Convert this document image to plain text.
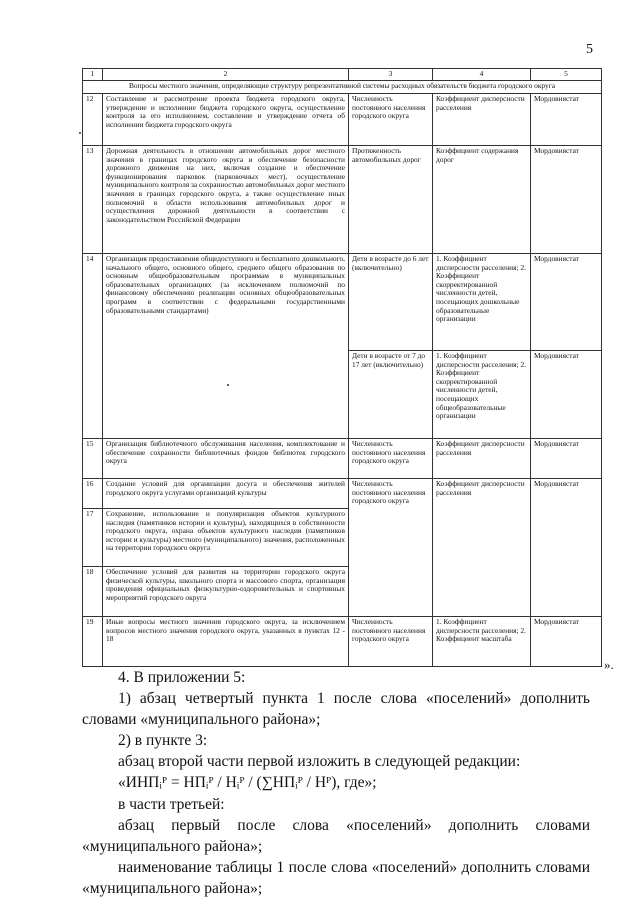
5
1	2	3	4	5
Вопросы местного значения, определяющие структуру репрезентативной системы расходных обязательств бюджета городского округа				
12	Составление и рассмотрение проекта бюджета городского округа, утверждение и исполнение бюджета городского округа, осуществление контроля за его исполнением, составление и утверждение отчета об исполнении бюджета городского округа	Численность постоянного населения городского округа	Коэффициент дисперсности расселения	Мордовиястат
13	Дорожная деятельность в отношении автомобильных дорог местного значения в границах городского округа и обеспечение безопасности дорожного движения на них, включая создание и обеспечение функционирования парковок (парковочных мест), осуществление муниципального контроля за сохранностью автомобильных дорог местного значения в границах городского округа, а также осуществление иных полномочий в области использования автомобильных дорог и осуществления дорожной деятельности в соответствии с законодательством Российской Федерации	Протяженность автомобильных дорог	Коэффициент содержания дорог	Мордовиястат
14	Организация предоставления общедоступного и бесплатного дошкольного, начального общего, основного общего, среднего общего образования по основным общеобразовательным программам в муниципальных образовательных организациях (за исключением полномочий по финансовому обеспечению реализации основных общеобразовательных программ в соответствии с федеральными государственными образовательными стандартами)	Дети в возрасте до 6 лет (включительно)	1. Коэффициент дисперсности расселения; 2. Коэффициент скорректированной численности детей, посещающих дошкольные образовательные организации	Мордовиястат
		Дети в возрасте от 7 до 17 лет (включительно)	1. Коэффициент дисперсности расселения; 2. Коэффициент скорректированной численности детей, посещающих общеобразовательные организации	Мордовиястат
15	Организация библиотечного обслуживания населения, комплектование и обеспечение сохранности библиотечных фондов библиотек городского округа	Численность постоянного населения городского округа	Коэффициент дисперсности расселения	Мордовиястат
16	Создание условий для организации досуга и обеспечения жителей городского округа услугами организаций культуры	Численность постоянного населения городского округа	Коэффициент дисперсности расселения	Мордовиястат
17	Сохранение, использование и популяризация объектов культурного наследия (памятников истории и культуры), находящихся в собственности городского округа, охрана объектов культурного наследия (памятников истории и культуры) местного (муниципального) значения, расположенных на территории городского округа			
18	Обеспечение условий для развития на территории городского округа физической культуры, школьного спорта и массового спорта, организация проведения официальных физкультурно-оздоровительных и спортивных мероприятий городского округа			
19	Иные вопросы местного значения городского округа, за исключением вопросов местного значения городского округа, указанных в пунктах 12 - 18	Численность постоянного населения городского округа	1. Коэффициент дисперсности расселения; 2. Коэффициент масштаба	Мордовиястат
».
4. В приложении 5:
1) абзац четвертый пункта 1 после слова «поселений» дополнить
словами «муниципального района»;
2) в пункте 3:
абзац второй части первой изложить в следующей редакции:
«ИНПᵢᴾ = НПᵢᴾ / Нᵢᴾ / (∑НПᵢᴾ / Hᴾ), где»;
в части третьей:
абзац первый после слова «поселений» дополнить словами
«муниципального района»;
наименование таблицы 1 после слова «поселений» дополнить словами
«муниципального района»;
